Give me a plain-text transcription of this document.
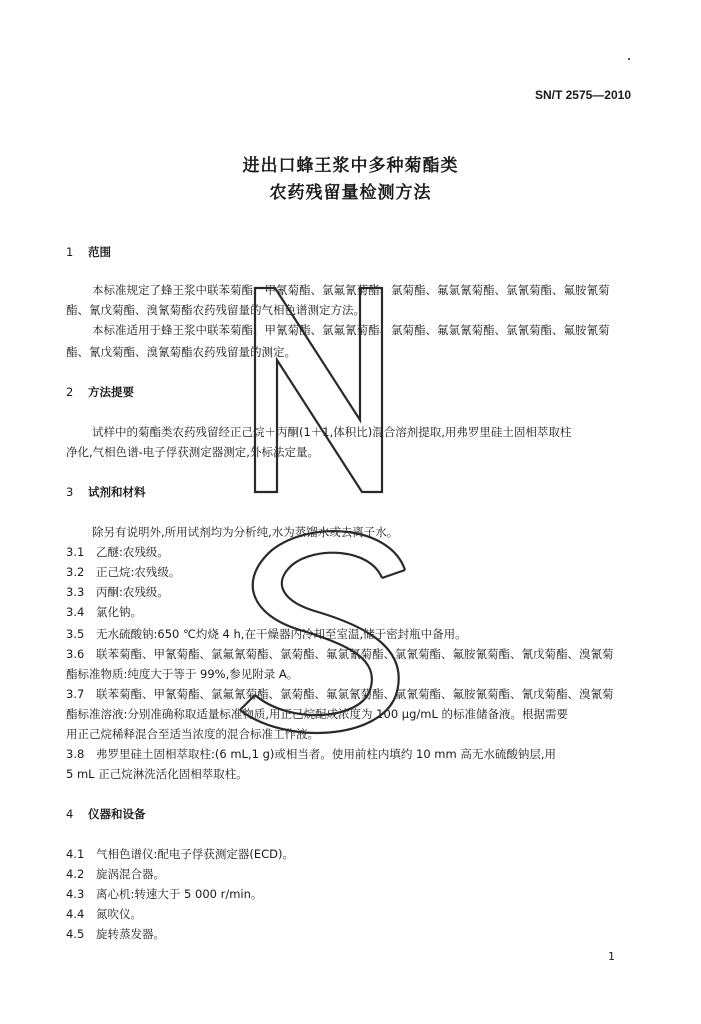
SN/T 2575—2010
进出口蜂王浆中多种菊酯类
农药残留量检测方法
1 范围
本标准规定了蜂王浆中联苯菊酯、甲氰菊酯、氯氟氰菊酯、氯菊酯、氟氯氰菊酯、氯氰菊酯、氟胺氰菊
酯、氰戊菊酯、溴氰菊酯农药残留量的气相色谱测定方法。
本标准适用于蜂王浆中联苯菊酯、甲氰菊酯、氯氟氰菊酯、氯菊酯、氟氯氰菊酯、氯氰菊酯、氟胺氰菊
酯、氰戊菊酯、溴氰菊酯农药残留量的测定。
2 方法提要
试样中的菊酯类农药残留经正己烷＋丙酮(1＋1,体积比)混合溶剂提取,用弗罗里硅土固相萃取柱
净化,气相色谱-电子俘获测定器测定,外标法定量。
3 试剂和材料
除另有说明外,所用试剂均为分析纯,水为蒸馏水或去离子水。
3.1 乙醚:农残级。
3.2 正己烷:农残级。
3.3 丙酮:农残级。
3.4 氯化钠。
3.5 无水硫酸钠:650 ℃灼烧 4 h,在干燥器内冷却至室温,储于密封瓶中备用。
3.6 联苯菊酯、甲氰菊酯、氯氟氰菊酯、氯菊酯、氟氯氰菊酯、氯氰菊酯、氟胺氰菊酯、氰戊菊酯、溴氰菊
酯标准物质:纯度大于等于 99%,参见附录 A。
3.7 联苯菊酯、甲氰菊酯、氯氟氰菊酯、氯菊酯、氟氯氰菊酯、氯氰菊酯、氟胺氰菊酯、氰戊菊酯、溴氰菊
酯标准溶液:分别准确称取适量标准物质,用正己烷配成浓度为 100 μg/mL 的标准储备液。根据需要
用正己烷稀释混合至适当浓度的混合标准工作液。
3.8 弗罗里硅土固相萃取柱:(6 mL,1 g)或相当者。使用前柱内填约 10 mm 高无水硫酸钠层,用
5 mL 正己烷淋洗活化固相萃取柱。
4 仪器和设备
4.1 气相色谱仪:配电子俘获测定器(ECD)。
4.2 旋涡混合器。
4.3 离心机:转速大于 5 000 r/min。
4.4 氮吹仪。
4.5 旋转蒸发器。
1
